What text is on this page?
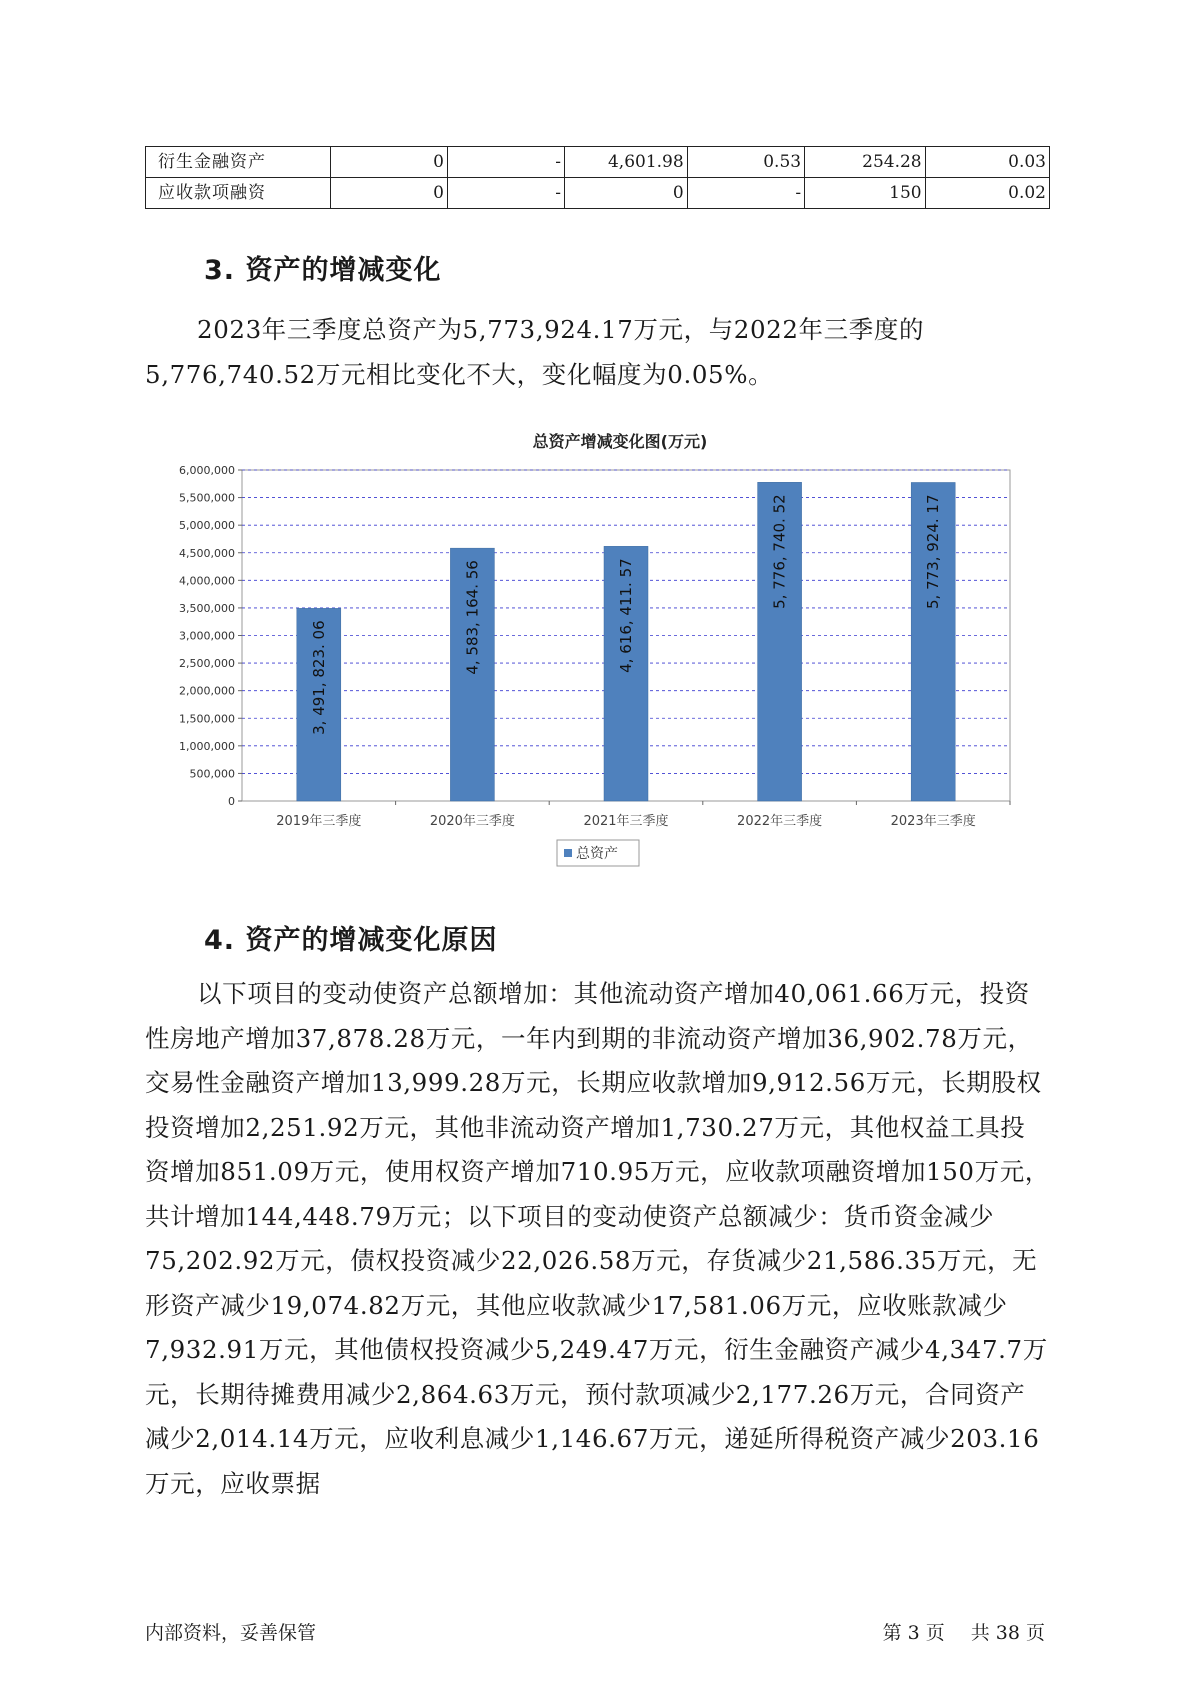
衍生金融资产	0	-	4,601.98	0.53	254.28	0.03
应收款项融资	0	-	0	-	150	0.02
3. 资产的增减变化

2023年三季度总资产为5,773,924.17万元，与2022年三季度的5,776,740.52万元相比变化不大，变化幅度为0.05%。

总资产增减变化图(万元)
0
500,000
1,000,000
1,500,000
2,000,000
2,500,000
3,000,000
3,500,000
4,000,000
4,500,000
5,000,000
5,500,000
6,000,000
3, 491, 823. 06
2019年三季度
4, 583, 164. 56
2020年三季度
4, 616, 411. 57
2021年三季度
5, 776, 740. 52
2022年三季度
5, 773, 924. 17
2023年三季度
总资产
4. 资产的增减变化原因

以下项目的变动使资产总额增加：其他流动资产增加40,061.66万元，投资性房地产增加37,878.28万元，一年内到期的非流动资产增加36,902.78万元，交易性金融资产增加13,999.28万元，长期应收款增加9,912.56万元，长期股权投资增加2,251.92万元，其他非流动资产增加1,730.27万元，其他权益工具投资增加851.09万元，使用权资产增加710.95万元，应收款项融资增加150万元，共计增加144,448.79万元；以下项目的变动使资产总额减少：货币资金减少75,202.92万元，债权投资减少22,026.58万元，存货减少21,586.35万元，无形资产减少19,074.82万元，其他应收款减少17,581.06万元，应收账款减少7,932.91万元，其他债权投资减少5,249.47万元，衍生金融资产减少4,347.7万元，长期待摊费用减少2,864.63万元，预付款项减少2,177.26万元，合同资产减少2,014.14万元，应收利息减少1,146.67万元，递延所得税资产减少203.16万元，应收票据

内部资料，妥善保管	第 3 页 共 38 页
